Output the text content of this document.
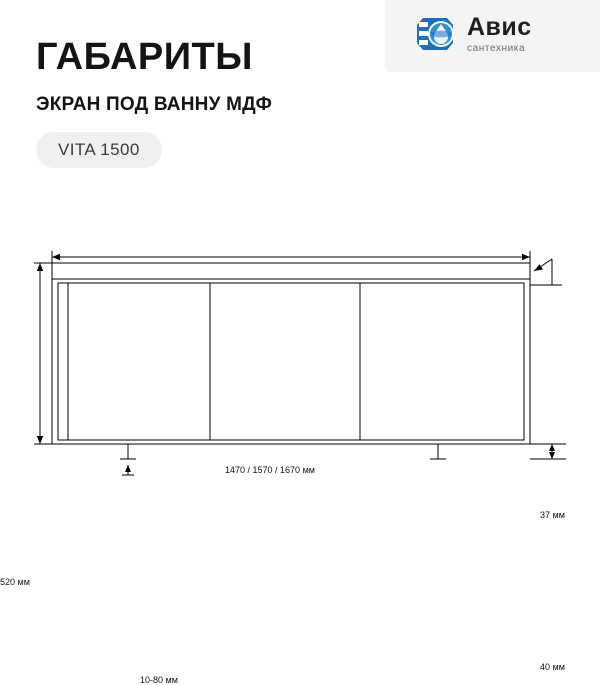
Авис
сантехника
ГАБАРИТЫ
ЭКРАН ПОД ВАННУ МДФ
VITA 1500
1470 / 1570 / 1670 мм
520 мм
37 мм
40 мм
10-80 мм
